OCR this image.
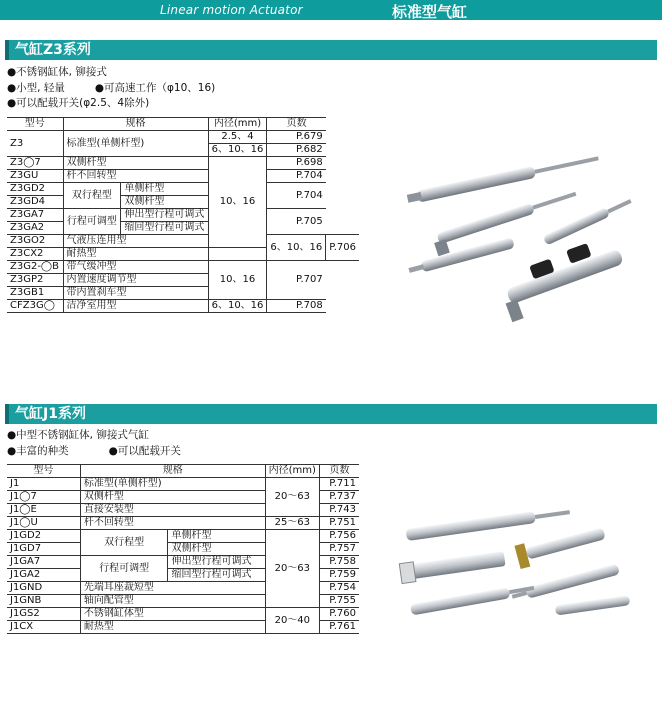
Linear motion Actuator	标准型气缸
气缸Z3系列
●不锈钢缸体, 铆接式
●小型, 轻量	●可高速工作（φ10、16)
●可以配载开关(φ2.5、4除外)
型号	规格		内径(mm)	页数	
Z3	标准型(单侧杆型)		2.5、4	P.679	
			6、10、16	P.682	
Z3◯7	双侧杆型		10、16	P.698	
Z3GU	杆不回转型			P.704	
Z3GD2	双行程型	单侧杆型		P.704	
Z3GD4		双侧杆型			
Z3GA7	行程可调型	伸出型行程可调式		P.705	
Z3GA2		缩回型行程可调式			
Z3GO2	气液压连用型			6、10、16	P.706
Z3CX2	耐热型				
Z3G2-◯B	带气缓冲型		10、16	P.707	
Z3GP2	内置速度调节型				
Z3GB1	带内置刹车型				
CFZ3G◯	洁净室用型		6、10、16	P.708	
气缸J1系列
●中型不锈钢缸体, 铆接式气缸
●丰富的种类	●可以配载开关
型号	规格		内径(mm)	页数
J1	标准型(单侧杆型)		20～63	P.711
J1◯7	双侧杆型			P.737
J1◯E	直接安装型			P.743
J1◯U	杆不回转型		25～63	P.751
J1GD2	双行程型	单侧杆型	20～63	P.756
J1GD7		双侧杆型		P.757
J1GA7	行程可调型	伸出型行程可调式		P.758
J1GA2		缩回型行程可调式		P.759
J1GND	先端耳座裁短型			P.754
J1GNB	轴向配管型			P.755
J1GS2	不锈钢缸体型		20～40	P.760
J1CX	耐热型			P.761
